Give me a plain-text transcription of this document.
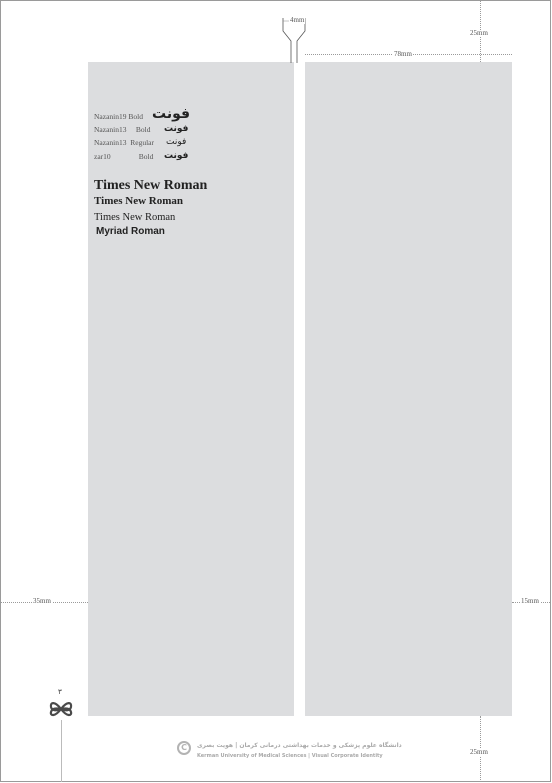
4mm
25mm
78mm
35mm	15mm
25mm
Nazanin19 Bold فونت
Nazanin13     Bold فونت
Nazanin13  Regular فونت
zar10               Bold فونت
Times New Roman
Times New Roman
Times New Roman
Myriad Roman
۳
C	دانشگاه علوم پزشکی و خدمات بهداشتی درمانی کرمان | هویت بصری
Kerman University of Medical Sciences | Visual Corporate Identity
